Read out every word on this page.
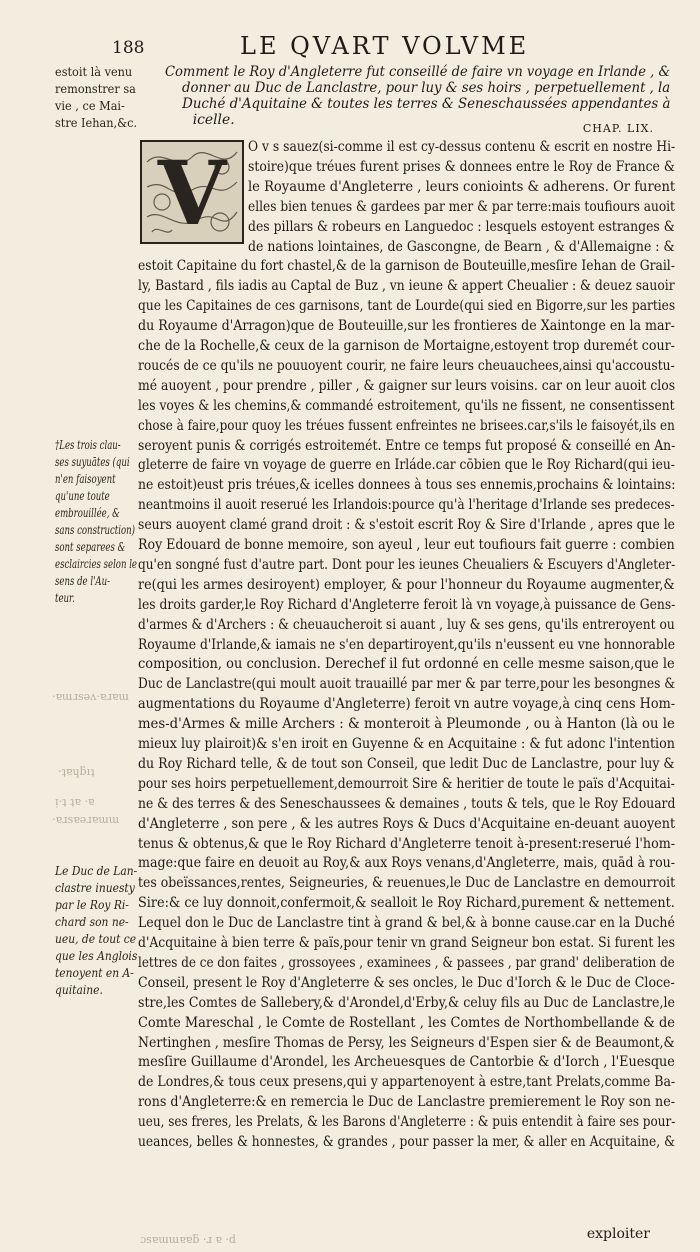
188	LE QVART VOLVME
estoit là venu
remonstrer sa
vie , ce Mai-
stre Iehan,&c.
†Les trois clau-
ses suyuātes (qui
n'en faisoyent
qu'une toute
embrouillée, &
sans construction)
sont separees &
esclaircies selon le
sens de l'Au-
teur.
Le Duc de Lan-
clastre inuesty
par le Roy Ri-
chard son ne-
ueu, de tout ce
que les Anglois
tenoyent en A-
quitaine.
·ɐɯɹsǝʌ·ɐɹɐɯ
·ʇɐɥƃıʇ
ᴉ·ʇ ʇɐ ·ɐ
·ɐɹsɐǝɹɐɯɯ
ɔsɐɯɯɐɐƃ ·ɹ ɐ ·d
Comment le Roy d'Angleterre fut conseillé de faire vn voyage en Irlande , &
donner au Duc de Lanclastre, pour luy & ses hoirs , perpetuellement , la
Duché d'Aquitaine & toutes les terres & Seneschaussées appendantes à
icelle.
CHAP. LIX.
V O v s sauez(si-comme il est cy-dessus contenu & escrit en nostre Hi-
stoire)que tréues furent prises & donnees entre le Roy de France &
le Royaume d'Angleterre , leurs conioints & adherens. Or furent
elles bien tenues & gardees par mer & par terre:mais toufiours auoit
des pillars & robeurs en Languedoc : lesquels estoyent estranges &
de nations lointaines, de Gascongne, de Bearn , & d'Allemaigne : &
estoit Capitaine du fort chastel,& de la garnison de Bouteuille,mesſire Iehan de Grail-
ly, Bastard , fils iadis au Captal de Buz , vn ieune & appert Cheualier : & deuez sauoir
que les Capitaines de ces garnisons, tant de Lourde(qui sied en Bigorre,sur les parties
du Royaume d'Arragon)que de Bouteuille,sur les frontieres de Xaintonge en la mar-
che de la Rochelle,& ceux de la garnison de Mortaigne,estoyent trop duremét cour-
roucés de ce qu'ils ne pouuoyent courir, ne faire leurs cheuauchees,ainsi qu'accoustu-
mé auoyent , pour prendre , piller , & gaigner sur leurs voisins. car on leur auoit clos
les voyes & les chemins,& commandé estroitement, qu'ils ne fissent, ne consentissent
chose à faire,pour quoy les tréues fussent enfreintes ne brisees.car,s'ils le faisoyét,ils en
seroyent punis & corrigés estroitemét. Entre ce temps fut proposé & conseillé en An-
gleterre de faire vn voyage de guerre en Irláde.car cōbien que le Roy Richard(qui ieu-
ne estoit)eust pris tréues,& icelles donnees à tous ses ennemis,prochains & lointains:
neantmoins il auoit reserué les Irlandois:pource qu'à l'heritage d'Irlande ses predeces-
seurs auoyent clamé grand droit : & s'estoit escrit Roy & Sire d'Irlande , apres que le
Roy Edouard de bonne memoire, son ayeul , leur eut toufiours fait guerre : combien
qu'en songné fust d'autre part. Dont pour les ieunes Cheualiers & Escuyers d'Angleter-
re(qui les armes desiroyent) employer, & pour l'honneur du Royaume augmenter,&
les droits garder,le Roy Richard d'Angleterre feroit là vn voyage,à puissance de Gens-
d'armes & d'Archers : & cheuaucheroit si auant , luy & ses gens, qu'ils entreroyent ou
Royaume d'Irlande,& iamais ne s'en departiroyent,qu'ils n'eussent eu vne honnorable
composition, ou conclusion. Derechef il fut ordonné en celle mesme saison,que le
Duc de Lanclastre(qui moult auoit trauaillé par mer & par terre,pour les besongnes &
augmentations du Royaume d'Angleterre) feroit vn autre voyage,à cinq cens Hom-
mes-d'Armes & mille Archers : & monteroit à Pleumonde , ou à Hanton (là ou le
mieux luy plairoit)& s'en iroit en Guyenne & en Acquitaine : & fut adonc l'intention
du Roy Richard telle, & de tout son Conseil, que ledit Duc de Lanclastre, pour luy &
pour ses hoirs perpetuellement,demourroit Sire & heritier de toute le païs d'Acquitai-
ne & des terres & des Seneschaussees & demaines , touts & tels, que le Roy Edouard
d'Angleterre , son pere , & les autres Roys & Ducs d'Acquitaine en-deuant auoyent
tenus & obtenus,& que le Roy Richard d'Angleterre tenoit à-present:reserué l'hom-
mage:que faire en deuoit au Roy,& aux Roys venans,d'Angleterre, mais, quād à rou-
tes obeïssances,rentes, Seigneuries, & reuenues,le Duc de Lanclastre en demourroit
Sire:& ce luy donnoit,confermoit,& sealloit le Roy Richard,purement & nettement.
Lequel don le Duc de Lanclastre tint à grand & bel,& à bonne cause.car en la Duché
d'Acquitaine à bien terre & païs,pour tenir vn grand Seigneur bon estat. Si furent les
lettres de ce don faites , grossoyees , examinees , & passees , par grand' deliberation de
Conseil, present le Roy d'Angleterre & ses oncles, le Duc d'Iorch & le Duc de Cloce-
stre,les Comtes de Sallebery,& d'Arondel,d'Erby,& celuy fils au Duc de Lanclastre,le
Comte Mareschal , le Comte de Rostellant , les Comtes de Northombellande & de
Nertinghen , mesſire Thomas de Persy, les Seigneurs d'Espen sier & de Beaumont,&
mesſire Guillaume d'Arondel, les Archeuesques de Cantorbie & d'Iorch , l'Euesque
de Londres,& tous ceux presens,qui y appartenoyent à estre,tant Prelats,comme Ba-
rons d'Angleterre:& en remercia le Duc de Lanclastre premierement le Roy son ne-
ueu, ses freres, les Prelats, & les Barons d'Angleterre : & puis entendit à faire ses pour-
ueances, belles & honnestes, & grandes , pour passer la mer, & aller en Acquitaine, &
exploiter
